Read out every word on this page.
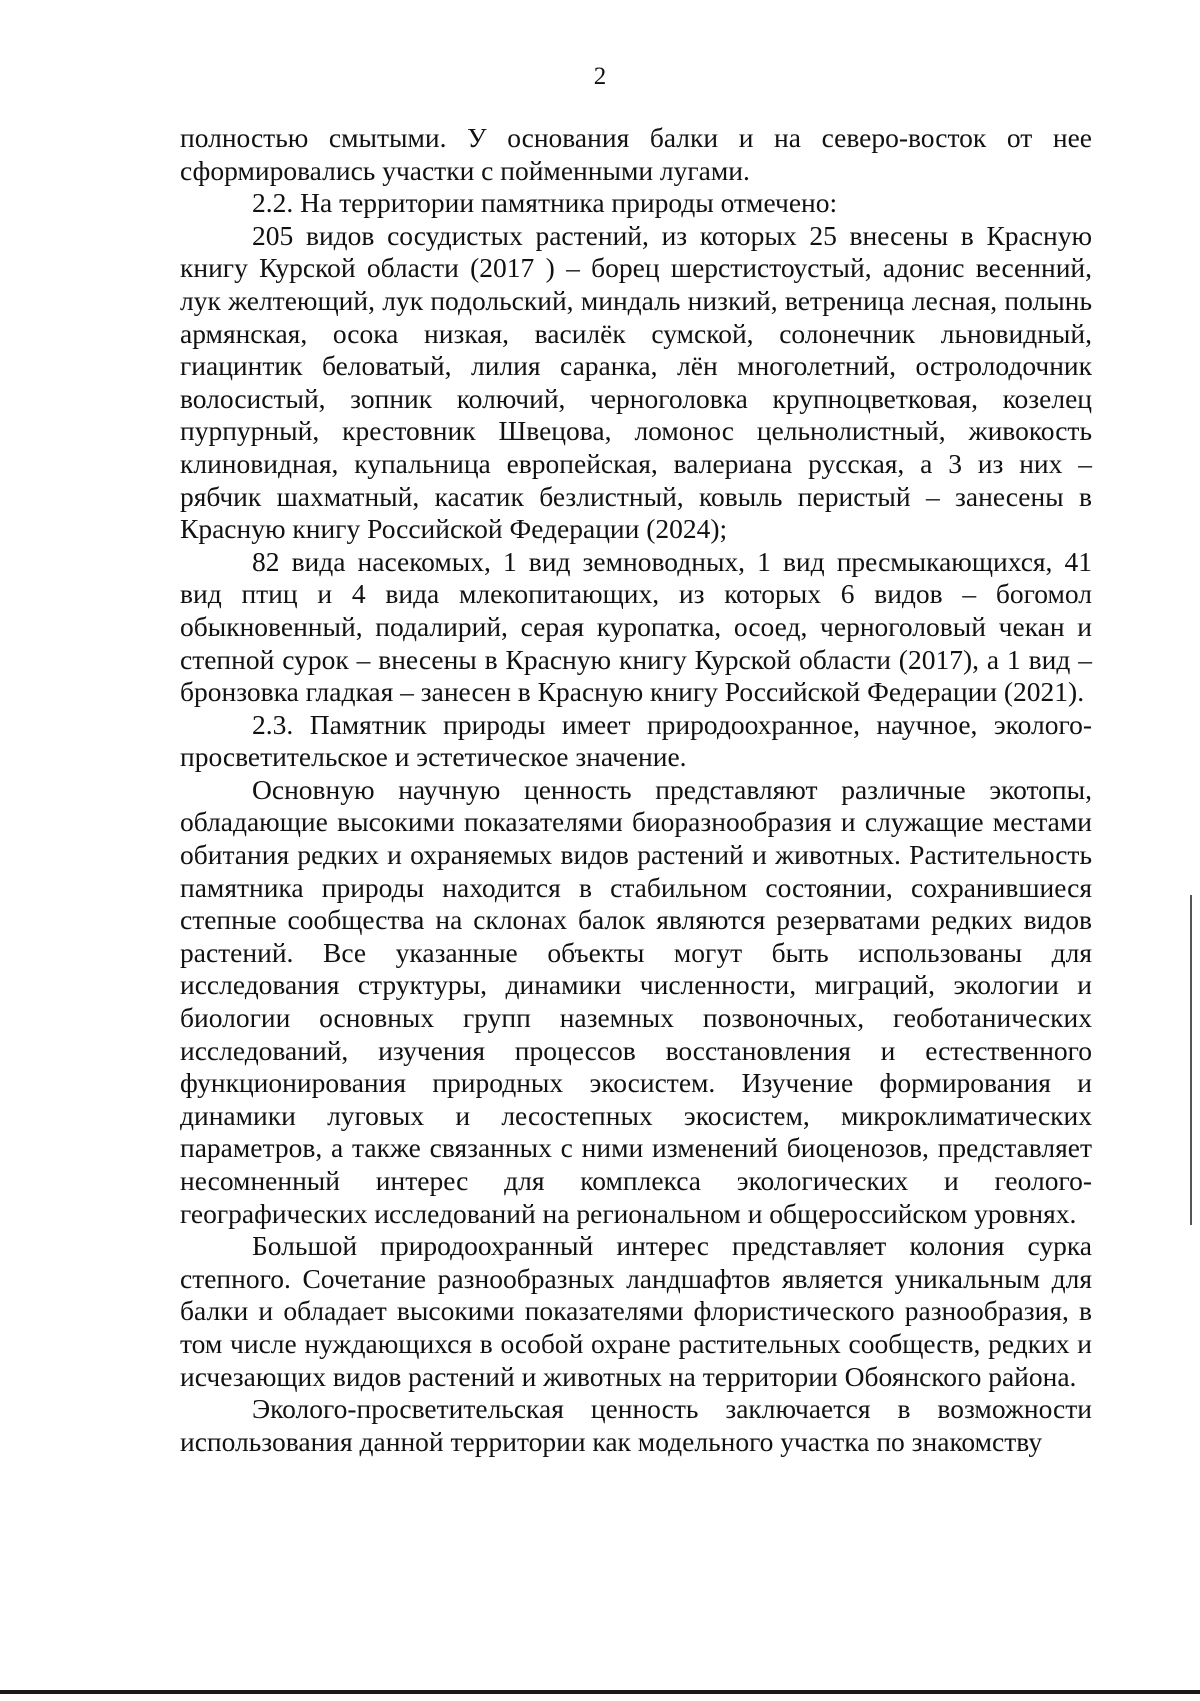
2

полностью смытыми. У основания балки и на северо-восток от нее сформировались участки с пойменными лугами.

2.2. На территории памятника природы отмечено:

205 видов сосудистых растений, из которых 25 внесены в Красную книгу Курской области (2017 ) – борец шерстистоустый, адонис весенний, лук желтеющий, лук подольский, миндаль низкий, ветреница лесная, полынь армянская, осока низкая, василёк сумской, солонечник льновидный, гиацинтик беловатый, лилия саранка, лён многолетний, остролодочник волосистый, зопник колючий, черноголовка крупноцветковая, козелец пурпурный, крестовник Швецова, ломонос цельнолистный, живокость клиновидная, купальница европейская, валериана русская, а 3 из них – рябчик шахматный, касатик безлистный, ковыль перистый – занесены в Красную книгу Российской Федерации (2024);

82 вида насекомых, 1 вид земноводных, 1 вид пресмыкающихся, 41 вид птиц и 4 вида млекопитающих, из которых 6 видов – богомол обыкновенный, подалирий, серая куропатка, осоед, черноголовый чекан и степной сурок – внесены в Красную книгу Курской области (2017), а 1 вид – бронзовка гладкая – занесен в Красную книгу Российской Федерации (2021).

2.3. Памятник природы имеет природоохранное, научное, эколого-просветительское и эстетическое значение.

Основную научную ценность представляют различные экотопы, обладающие высокими показателями биоразнообразия и служащие местами обитания редких и охраняемых видов растений и животных. Растительность памятника природы находится в стабильном состоянии, сохранившиеся степные сообщества на склонах балок являются резерватами редких видов растений. Все указанные объекты могут быть использованы для исследования структуры, динамики численности, миграций, экологии и биологии основных групп наземных позвоночных, геоботанических исследований, изучения процессов восстановления и естественного функционирования природных экосистем. Изучение формирования и динамики луговых и лесостепных экосистем, микроклиматических параметров, а также связанных с ними изменений биоценозов, представляет несомненный интерес для комплекса экологических и геолого-географических исследований на региональном и общероссийском уровнях.

Большой природоохранный интерес представляет колония сурка степного. Сочетание разнообразных ландшафтов является уникальным для балки и обладает высокими показателями флористического разнообразия, в том числе нуждающихся в особой охране растительных сообществ, редких и исчезающих видов растений и животных на территории Обоянского района.

Эколого-просветительская ценность заключается в возможности использования данной территории как модельного участка по знакомству
